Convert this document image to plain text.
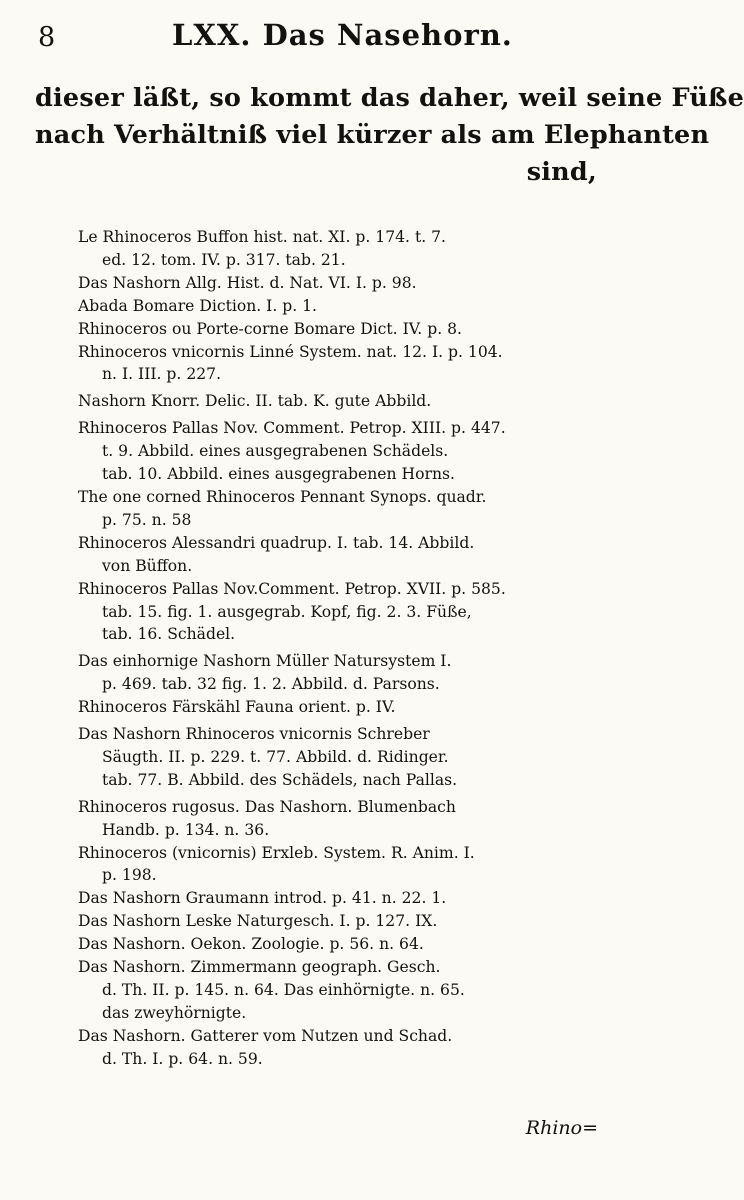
8	LXX. Das Nasehorn.
dieser läßt, so kommt das daher, weil seine Füße
nach Verhältniß viel kürzer als am Elephanten
sind,
Le Rhinoceros Buffon hist. nat. XI. p. 174. t. 7.
ed. 12. tom. IV. p. 317. tab. 21.
Das Nashorn Allg. Hist. d. Nat. VI. I. p. 98.
Abada Bomare Diction. I. p. 1.
Rhinoceros ou Porte-corne Bomare Dict. IV. p. 8.
Rhinoceros vnicornis Linné System. nat. 12. I. p. 104.
n. I. III. p. 227.
Nashorn Knorr. Delic. II. tab. K. gute Abbild.
Rhinoceros Pallas Nov. Comment. Petrop. XIII. p. 447.
t. 9. Abbild. eines ausgegrabenen Schädels.
tab. 10. Abbild. eines ausgegrabenen Horns.
The one corned Rhinoceros Pennant Synops. quadr.
p. 75. n. 58
Rhinoceros Alessandri quadrup. I. tab. 14. Abbild.
von Büffon.
Rhinoceros Pallas Nov.Comment. Petrop. XVII. p. 585.
tab. 15. fig. 1. ausgegrab. Kopf, fig. 2. 3. Füße,
tab. 16. Schädel.
Das einhornige Nashorn Müller Natursystem I.
p. 469. tab. 32 fig. 1. 2. Abbild. d. Parsons.
Rhinoceros Färskähl Fauna orient. p. IV.
Das Nashorn Rhinoceros vnicornis Schreber
Säugth. II. p. 229. t. 77. Abbild. d. Ridinger.
tab. 77. B. Abbild. des Schädels, nach Pallas.
Rhinoceros rugosus. Das Nashorn. Blumenbach
Handb. p. 134. n. 36.
Rhinoceros (vnicornis) Erxleb. System. R. Anim. I.
p. 198.
Das Nashorn Graumann introd. p. 41. n. 22. 1.
Das Nashorn Leske Naturgesch. I. p. 127. IX.
Das Nashorn. Oekon. Zoologie. p. 56. n. 64.
Das Nashorn. Zimmermann geograph. Gesch.
d. Th. II. p. 145. n. 64. Das einhörnigte. n. 65.
das zweyhörnigte.
Das Nashorn. Gatterer vom Nutzen und Schad.
d. Th. I. p. 64. n. 59.
Rhino=
